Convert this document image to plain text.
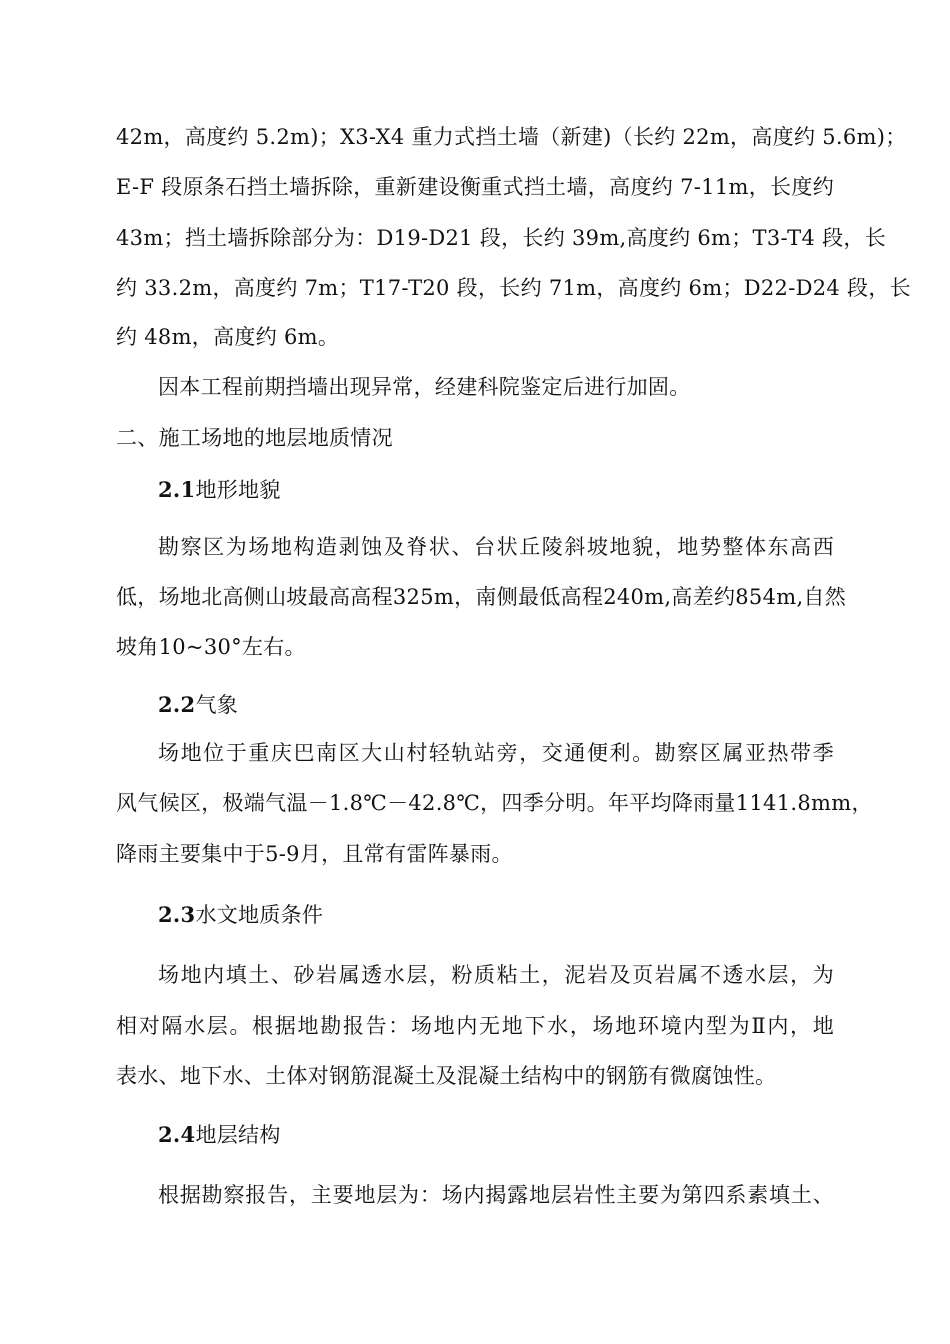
42m，高度约 5.2m)；X3-X4 重力式挡土墙（新建)（长约 22m，高度约 5.6m)；
E-F 段原条石挡土墙拆除，重新建设衡重式挡土墙，高度约 7-11m，长度约
43m；挡土墙拆除部分为：D19-D21 段，长约 39m,高度约 6m；T3-T4 段，长
约 33.2m，高度约 7m；T17-T20 段，长约 71m，高度约 6m；D22-D24 段，长
约 48m，高度约 6m。
因本工程前期挡墙出现异常，经建科院鉴定后进行加固。
二、施工场地的地层地质情况
2.1地形地貌
勘察区为场地构造剥蚀及脊状、台状丘陵斜坡地貌，地势整体东高西
低，场地北高侧山坡最高高程325m，南侧最低高程240m,高差约854m,自然
坡角10~30°左右。
2.2气象
场地位于重庆巴南区大山村轻轨站旁，交通便利。勘察区属亚热带季
风气候区，极端气温－1.8℃－42.8℃，四季分明。年平均降雨量1141.8mm，
降雨主要集中于5-9月，且常有雷阵暴雨。
2.3水文地质条件
场地内填土、砂岩属透水层，粉质粘土，泥岩及页岩属不透水层，为
相对隔水层。根据地勘报告：场地内无地下水，场地环境内型为Ⅱ内，地
表水、地下水、土体对钢筋混凝土及混凝土结构中的钢筋有微腐蚀性。
2.4地层结构
根据勘察报告，主要地层为：场内揭露地层岩性主要为第四系素填土、
